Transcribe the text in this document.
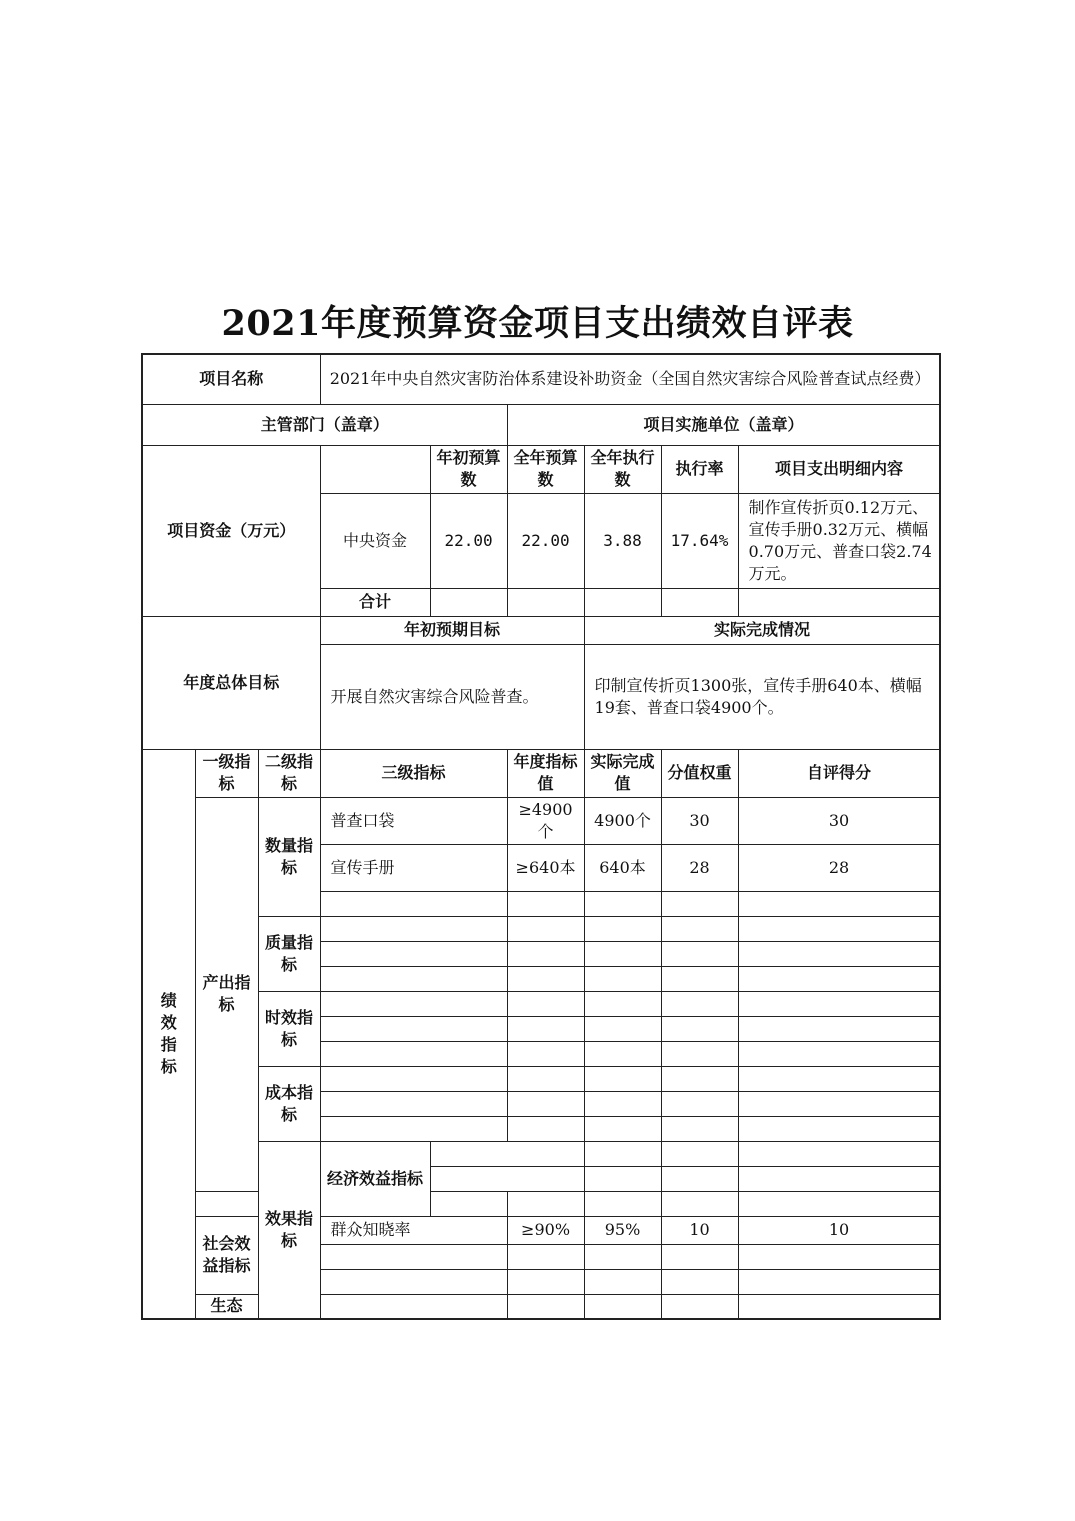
2021年度预算资金项目支出绩效自评表
项目名称			2021年中央自然灾害防治体系建设补助资金（全国自然灾害综合风险普查试点经费）						
主管部门（盖章）					项目实施单位（盖章）				
项目资金（万元）				年初预算数	全年预算数	全年执行数	执行率	项目支出明细内容	
			中央资金	22.00	22.00	3.88	17.64%	制作宣传折页0.12万元、宣传手册0.32万元、横幅0.70万元、普查口袋2.74万元。	
			合计						
年度总体目标			年初预期目标			实际完成情况			
			开展自然灾害综合风险普查。			印制宣传折页1300张，宣传手册640本、横幅19套、普查口袋4900个。			
绩效指标	一级指标	二级指标	三级指标		年度指标值	实际完成值	分值权重	自评得分	
	产出指标	数量指标	普查口袋		≥4900个	4900个	30	30	
			宣传手册		≥640本	640本	28	28	

		质量指标							

		时效指标							

		成本指标							

		效果指标	经济效益指标						

	社会效益指标		群众知晓率		≥90%	95%	10	10	

	生态								
